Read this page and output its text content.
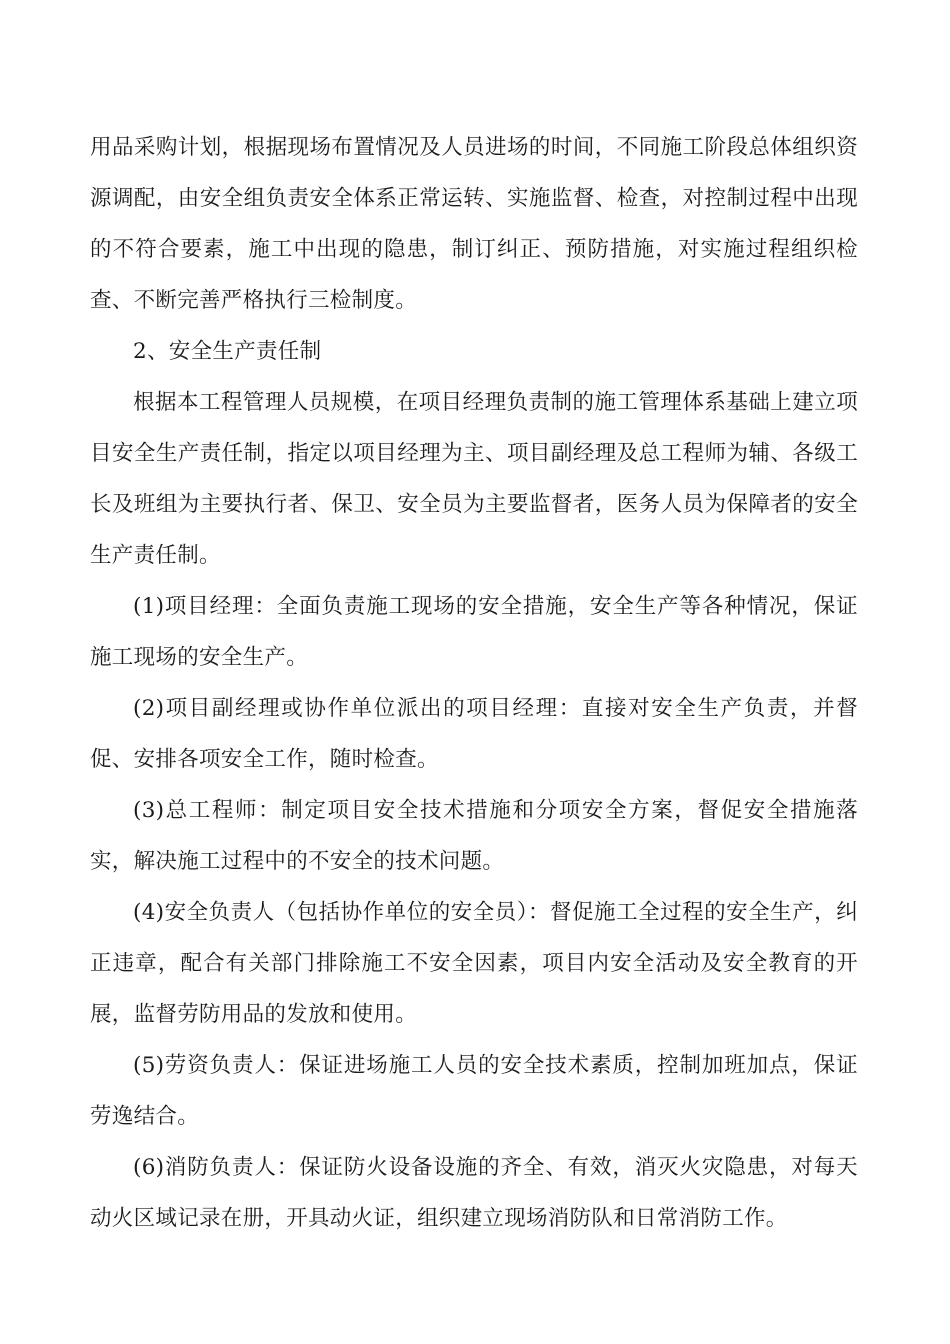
用品采购计划，根据现场布置情况及人员进场的时间，不同施工阶段总体组织资源调配，由安全组负责安全体系正常运转、实施监督、检查，对控制过程中出现的不符合要素，施工中出现的隐患，制订纠正、预防措施，对实施过程组织检查、不断完善严格执行三检制度。

2、安全生产责任制

根据本工程管理人员规模，在项目经理负责制的施工管理体系基础上建立项目安全生产责任制，指定以项目经理为主、项目副经理及总工程师为辅、各级工长及班组为主要执行者、保卫、安全员为主要监督者，医务人员为保障者的安全生产责任制。

(1)项目经理：全面负责施工现场的安全措施，安全生产等各种情况，保证施工现场的安全生产。

(2)项目副经理或协作单位派出的项目经理：直接对安全生产负责，并督促、安排各项安全工作，随时检查。

(3)总工程师：制定项目安全技术措施和分项安全方案，督促安全措施落实，解决施工过程中的不安全的技术问题。

(4)安全负责人（包括协作单位的安全员）：督促施工全过程的安全生产，纠正违章，配合有关部门排除施工不安全因素，项目内安全活动及安全教育的开展，监督劳防用品的发放和使用。

(5)劳资负责人：保证进场施工人员的安全技术素质，控制加班加点，保证劳逸结合。

(6)消防负责人：保证防火设备设施的齐全、有效，消灭火灾隐患，对每天动火区域记录在册，开具动火证，组织建立现场消防队和日常消防工作。
